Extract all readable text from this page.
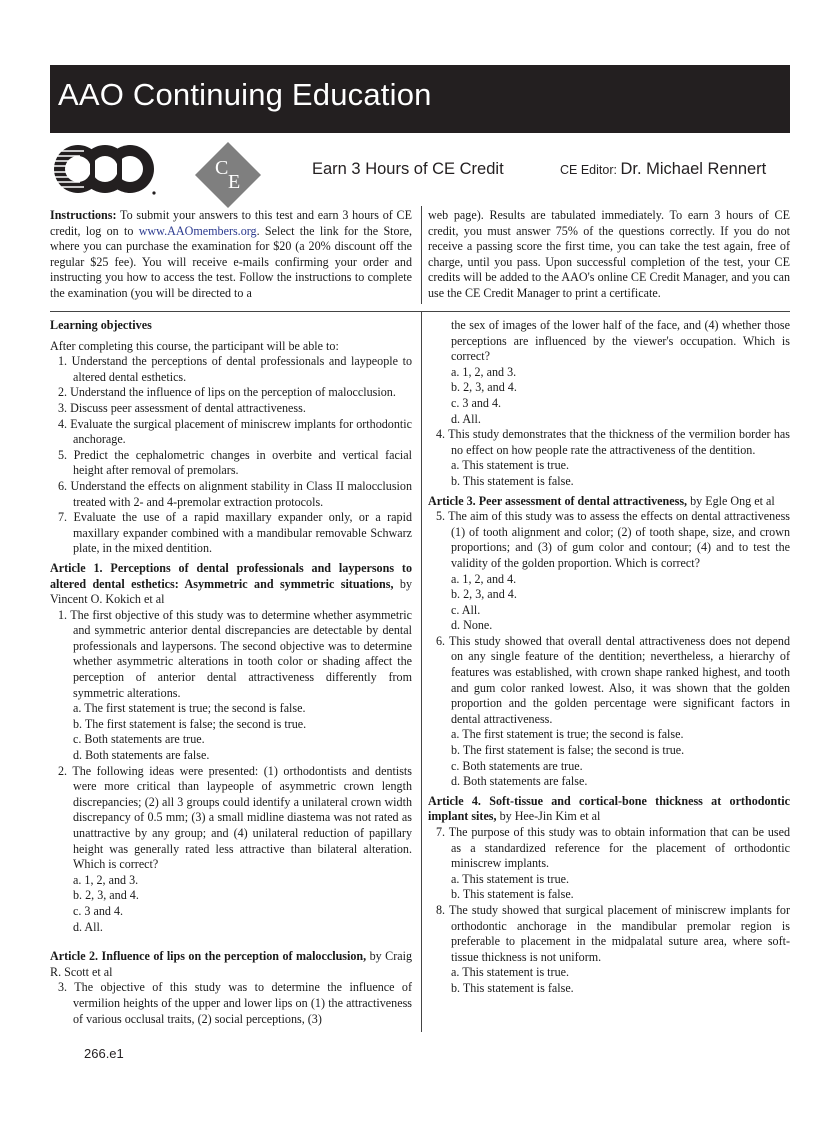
AAO Continuing Education
C
E
Earn 3 Hours of CE Credit	CE Editor: Dr. Michael Rennert
Instructions: To submit your answers to this test and earn 3 hours of CE credit, log on to www.AAOmembers.org. Select the link for the Store, where you can purchase the examination for $20 (a 20% discount off the regular $25 fee). You will receive e-mails confirming your order and instructing you how to access the test. Follow the instructions to complete the examination (you will be directed to a
web page). Results are tabulated immediately. To earn 3 hours of CE credit, you must answer 75% of the questions correctly. If you do not receive a passing score the first time, you can take the test again, free of charge, until you pass. Upon successful completion of the test, your CE credits will be added to the AAO's online CE Credit Manager, and you can use the CE Credit Manager to print a certificate.

Learning objectives

After completing this course, the participant will be able to:

1. Understand the perceptions of dental professionals and laypeople to altered dental esthetics.

2. Understand the influence of lips on the perception of malocclusion.

3. Discuss peer assessment of dental attractiveness.

4. Evaluate the surgical placement of miniscrew implants for orthodontic anchorage.

5. Predict the cephalometric changes in overbite and vertical facial height after removal of premolars.

6. Understand the effects on alignment stability in Class II malocclusion treated with 2- and 4-premolar extraction protocols.

7. Evaluate the use of a rapid maxillary expander only, or a rapid maxillary expander combined with a mandibular removable Schwarz plate, in the mixed dentition.

Article 1. Perceptions of dental professionals and laypersons to altered dental esthetics: Asymmetric and symmetric situations, by Vincent O. Kokich et al

1. The first objective of this study was to determine whether asymmetric and symmetric anterior dental discrepancies are detectable by dental professionals and laypersons. The second objective was to determine whether asymmetric alterations in tooth color or shading affect the perception of anterior dental attractiveness differently from symmetric alterations.

a. The first statement is true; the second is false.

b. The first statement is false; the second is true.

c. Both statements are true.

d. Both statements are false.

2. The following ideas were presented: (1) orthodontists and dentists were more critical than laypeople of asymmetric crown length discrepancies; (2) all 3 groups could identify a unilateral crown width discrepancy of 0.5 mm; (3) a small midline diastema was not rated as unattractive by any group; and (4) unilateral reduction of papillary height was generally rated less attractive than bilateral alteration. Which is correct?

a. 1, 2, and 3.

b. 2, 3, and 4.

c. 3 and 4.

d. All.

Article 2. Influence of lips on the perception of malocclusion, by Craig R. Scott et al

3. The objective of this study was to determine the influence of vermilion heights of the upper and lower lips on (1) the attractiveness of various occlusal traits, (2) social perceptions, (3)

the sex of images of the lower half of the face, and (4) whether those perceptions are influenced by the viewer's occupation. Which is correct?

a. 1, 2, and 3.

b. 2, 3, and 4.

c. 3 and 4.

d. All.

4. This study demonstrates that the thickness of the vermilion border has no effect on how people rate the attractiveness of the dentition.

a. This statement is true.

b. This statement is false.

Article 3. Peer assessment of dental attractiveness, by Egle Ong et al

5. The aim of this study was to assess the effects on dental attractiveness (1) of tooth alignment and color; (2) of tooth shape, size, and crown proportions; and (3) of gum color and contour; (4) and to test the validity of the golden proportion. Which is correct?

a. 1, 2, and 4.

b. 2, 3, and 4.

c. All.

d. None.

6. This study showed that overall dental attractiveness does not depend on any single feature of the dentition; nevertheless, a hierarchy of features was established, with crown shape ranked highest, and tooth and gum color ranked lowest. Also, it was shown that the golden proportion and the golden percentage were significant factors in dental attractiveness.

a. The first statement is true; the second is false.

b. The first statement is false; the second is true.

c. Both statements are true.

d. Both statements are false.

Article 4. Soft-tissue and cortical-bone thickness at orthodontic implant sites, by Hee-Jin Kim et al

7. The purpose of this study was to obtain information that can be used as a standardized reference for the placement of orthodontic miniscrew implants.

a. This statement is true.

b. This statement is false.

8. The study showed that surgical placement of miniscrew implants for orthodontic anchorage in the mandibular premolar region is preferable to placement in the midpalatal suture area, where soft-tissue thickness is not uniform.

a. This statement is true.

b. This statement is false.

266.e1
